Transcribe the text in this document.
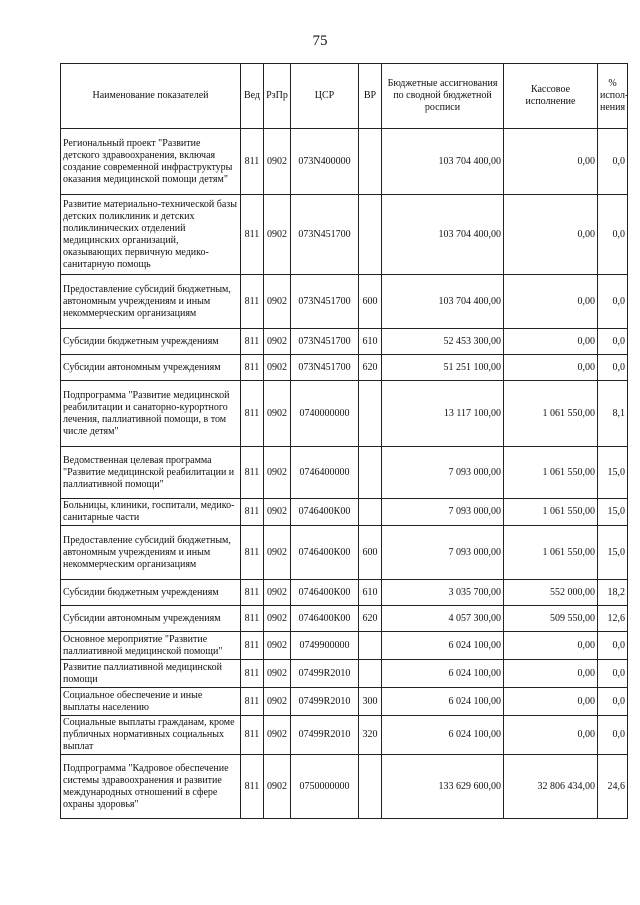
75
Наименование показателей	Вед	РзПр	ЦСР	ВР	Бюджетные ассигнования по сводной бюджетной росписи	Кассовое исполнение	% испол-нения
Региональный проект "Развитие детского здравоохранения, включая создание современной инфраструктуры оказания медицинской помощи детям"	811	0902	073N400000		103 704 400,00	0,00	0,0
Развитие материально-технической базы детских поликлиник и детских поликлинических отделений медицинских организаций, оказывающих первичную медико-санитарную помощь	811	0902	073N451700		103 704 400,00	0,00	0,0
Предоставление субсидий бюджетным, автономным учреждениям и иным некоммерческим организациям	811	0902	073N451700	600	103 704 400,00	0,00	0,0
Субсидии бюджетным учреждениям	811	0902	073N451700	610	52 453 300,00	0,00	0,0
Субсидии автономным учреждениям	811	0902	073N451700	620	51 251 100,00	0,00	0,0
Подпрограмма "Развитие медицинской реабилитации и санаторно-курортного лечения, паллиативной помощи, в том числе детям"	811	0902	0740000000		13 117 100,00	1 061 550,00	8,1
Ведомственная целевая программа "Развитие медицинской реабилитации и паллиативной помощи"	811	0902	0746400000		7 093 000,00	1 061 550,00	15,0
Больницы, клиники, госпитали, медико-санитарные части	811	0902	0746400К00		7 093 000,00	1 061 550,00	15,0
Предоставление субсидий бюджетным, автономным учреждениям и иным некоммерческим организациям	811	0902	0746400К00	600	7 093 000,00	1 061 550,00	15,0
Субсидии бюджетным учреждениям	811	0902	0746400К00	610	3 035 700,00	552 000,00	18,2
Субсидии автономным учреждениям	811	0902	0746400К00	620	4 057 300,00	509 550,00	12,6
Основное мероприятие "Развитие паллиативной медицинской помощи"	811	0902	0749900000		6 024 100,00	0,00	0,0
Развитие паллиативной медицинской помощи	811	0902	07499R2010		6 024 100,00	0,00	0,0
Социальное обеспечение и иные выплаты населению	811	0902	07499R2010	300	6 024 100,00	0,00	0,0
Социальные выплаты гражданам, кроме публичных нормативных социальных выплат	811	0902	07499R2010	320	6 024 100,00	0,00	0,0
Подпрограмма "Кадровое обеспечение системы здравоохранения и развитие международных отношений в сфере охраны здоровья"	811	0902	0750000000		133 629 600,00	32 806 434,00	24,6
